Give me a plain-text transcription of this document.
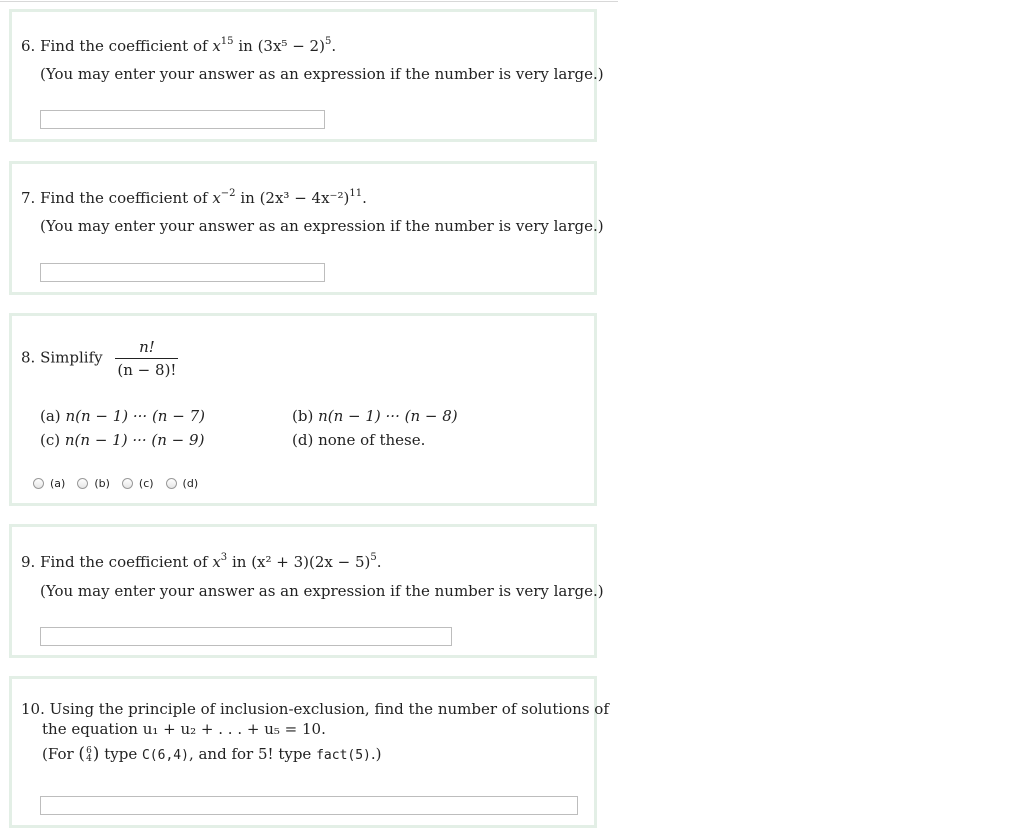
6. Find the coefficient of $x^{15}$ in $(3x^5 - 2)^5$.
(You may enter your answer as an expression if the number is very large.)
7. Find the coefficient of $x^{-2}$ in $(2x^3 - 4x^{-2})^{11}$.
(You may enter your answer as an expression if the number is very large.)
8. Simplify $\frac{n!}{(n - 8)!}$
(a) n(n − 1) ··· (n − 7)	(b) n(n − 1) ··· (n − 8)
(c) n(n − 1) ··· (n − 9)	(d) none of these.
(a)	(b)	(c)	(d)
9. Find the coefficient of $x^3$ in $(x^2 + 3)(2x - 5)^5$.
(You may enter your answer as an expression if the number is very large.)
10. Using the principle of inclusion-exclusion, find the number of solutions of
the equation u₁ + u₂ + . . . + u₅ = 10.
(For (6
4) type C(6,4), and for 5! type fact(5).)
